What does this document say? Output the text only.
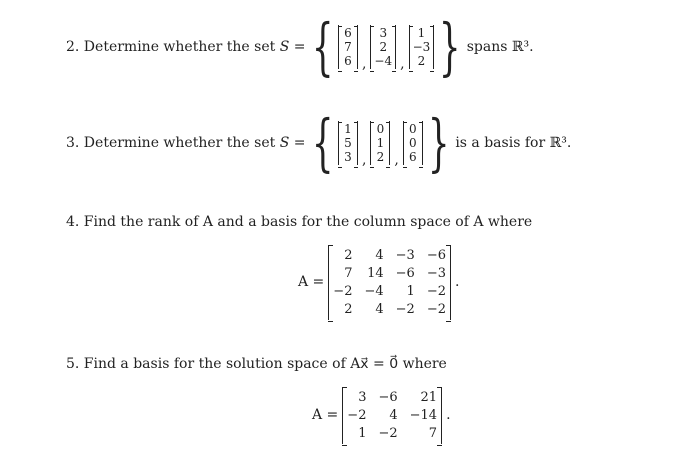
2. Determine whether the set
S
= { 6
7
6 ,
3
2
−4 ,
1
−3
2 } spans ℝ³.
3. Determine whether the set
S
= { 1
5
3 ,
0
1
2 ,
0
0
6 } is a basis for ℝ³.
4. Find the rank of A and a basis for the column space of A where
A =
2	4 −3 −6
7 14 −6 −3
−2 −4	1 −2
2	4 −2 −2
.
5. Find a basis for the solution space of Ax⃗ = 0⃗ where
A =
3 −6	21
−2	4 −14
1 −2	7
.
